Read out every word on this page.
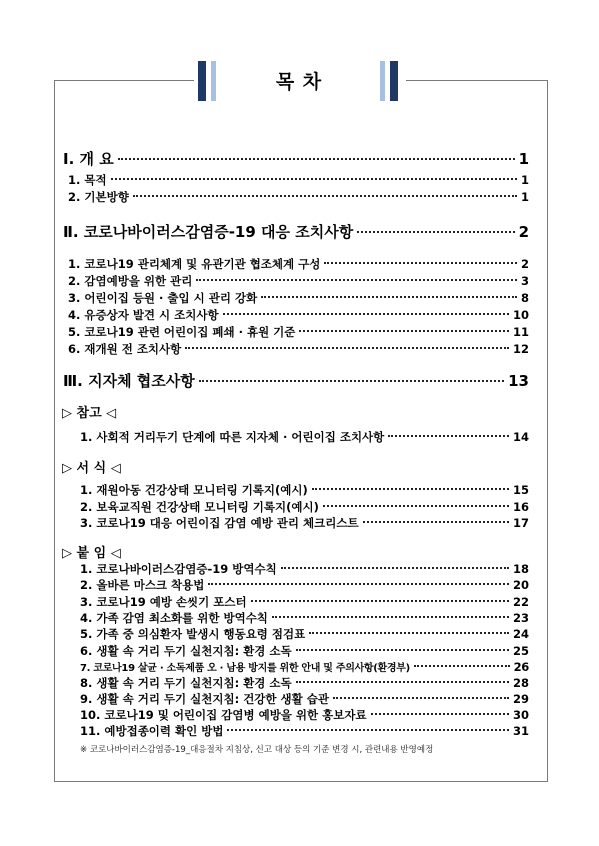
목 차
Ⅰ. 개 요	1
1. 목적	1
2. 기본방향	1
Ⅱ. 코로나바이러스감염증-19 대응 조치사항	2
1. 코로나19 관리체계 및 유관기관 협조체계 구성	2
2. 감염예방을 위한 관리	3
3. 어린이집 등원 · 출입 시 관리 강화	8
4. 유증상자 발견 시 조치사항	10
5. 코로나19 관련 어린이집 폐쇄 · 휴원 기준	11
6. 재개원 전 조치사항	12
Ⅲ. 지자체 협조사항	13
▷ 참고 ◁
1. 사회적 거리두기 단계에 따른 지자체 · 어린이집 조치사항	14
▷ 서 식 ◁
1. 재원아동 건강상태 모니터링 기록지(예시)	15
2. 보육교직원 건강상태 모니터링 기록지(예시)	16
3. 코로나19 대응 어린이집 감염 예방 관리 체크리스트	17
▷ 붙 임 ◁
1. 코로나바이러스감염증-19 방역수칙	18
2. 올바른 마스크 착용법	20
3. 코로나19 예방 손씻기 포스터	22
4. 가족 감염 최소화를 위한 방역수칙	23
5. 가족 중 의심환자 발생시 행동요령 점검표	24
6. 생활 속 거리 두기 실천지침: 환경 소독	25
7. 코로나19 살균 · 소독제품 오 · 남용 방지를 위한 안내 및 주의사항(환경부)	26
8. 생활 속 거리 두기 실천지침: 환경 소독	28
9. 생활 속 거리 두기 실천지침: 건강한 생활 습관	29
10. 코로나19 및 어린이집 감염병 예방을 위한 홍보자료	30
11. 예방접종이력 확인 방법	31
※ 코로나바이러스감염증-19_대응절차 지침상, 신고 대상 등의 기준 변경 시, 관련내용 반영예정
